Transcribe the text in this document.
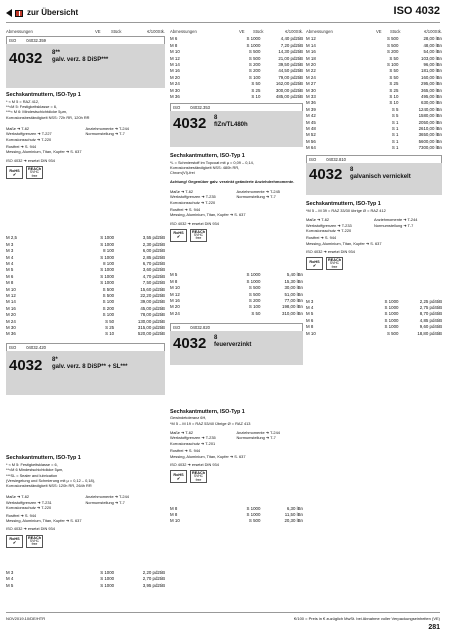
zur Übersicht	ISO 4032
Abmessungen	VE	Stück	€/100Stk.
ISO 04032.359
4032 8**
galv. verz. 8 DiSP***
Sechskantmuttern, ISO-Typ 1
* ≈ M 5 = RAZ 412,
**≈M 5: Festigkeitsklasse = 6,
***≈ M 6: Mindestschichtdicke 5µm,
Korrosionsbeständigkeit NSS: 72h RR, 120h RR
Maße ➜ T-62	Anziehmomente ➜ T-244
Werkstoffgrenzen ➜ T-227	Normumstellung ➜ T-7
Korrosionsschutz ➜ T-220
Rostfrei ➜ S. 944
Messing, Aluminium, Titan, Kupfer ➜ S. 637
ISO 4032 ➜ ersetzt DIN 934
RoHS
✔
REACh
SVHC
free
M 2,5		S 1000	3,55 pd2tiB
M 3		S 1000	2,30 pd2tiB
M 3		8 100	6,00 pd2tiB
M 4		S 1000	2,85 pd2tiB
M 4		8 100	6,70 pd2tiB
M 5		S 1000	3,60 pd2tiB
M 6		S 1000	4,70 pd2tiB
M 8		S 1000	7,50 pd2tiB
M 10		S 500	15,60 pd2tiB
M 12		S 500	22,20 pd2tiB
M 14		S 100	39,00 pd2tiB
M 16		S 200	45,00 pd2tiB
M 20		S 100	78,00 pd2tiB
M 24		S 50	130,00 pd2tiB
M 30		S 25	315,00 pd2tiB
M 36		S 10	520,00 pd2tiB
ISO 04032.420
4032 8*
galv. verz. 8 DiSP** + SL***
Sechskantmuttern, ISO-Typ 1
* ≈ M 5: Festigkeitsklasse = 6,
**≈M 6 Mindestschichtdicke 5µm,
***SL = Sealer and lubrication
(Versiegelung und Schmierung mit µ = 0,12 – 0,18),
Korrosionsbeständigkeit NSS: 120h RR, 264h RR
Maße ➜ T-62	Anziehmomente ➜ T-244
Werkstoffgrenzen ➜ T-231	Normumstellung ➜ T-7
Korrosionsschutz ➜ T-220
Rostfrei ➜ S. 944
Messing, Aluminium, Titan, Kupfer ➜ S. 637
ISO 4032 ➜ ersetzt DIN 934
RoHS
✔
REACh
SVHC
free
M 3		S 1000	2,20 pd2tiB
M 4		S 1000	2,70 pd2tiB
M 5		S 1000	3,95 pd2tiB
Abmessungen	VE	Stück	€/100Stk.
M 6		S 1000	4,40 pd2tiB
M 8		S 1000	7,20 pd2tiB
M 10		S 500	14,30 pd2tiB
M 12		S 500	21,00 pd2tiB
M 14		S 200	39,50 pd2tiB
M 16		S 200	44,50 pd2tiB
M 20		S 100	79,00 pd2tiB
M 24		S 50	162,00 pd2tiB
M 30		S 25	300,00 pd2tiB
M 36		S 10	485,00 pd2tiB
ISO 04032.353
4032 8
flZn/TL480h
Sechskantmuttern, ISO-Typ 1
*L = Schmierstoff im Topcoat mit µ = 0,09 – 0,14,
Korrosionsbeständigkeit NSS: 480h RR,
Chrom(VI)-frei
Achtung! Gegenüber galv. verzinkt geänderte Anziehdrehmomente.
Maße ➜ T-62	Anziehmomente ➜ T-245
Werkstoffgrenzen ➜ T-235	Normumstellung ➜ T-7
Korrosionsschutz ➜ T-220
Rostfrei ➜ S. 944
Messing, Aluminium, Titan, Kupfer ➜ S. 637
ISO 4032 ➜ ersetzt DIN 934
RoHS
✔
REACh
SVHC
free
M 5		S 1000	5,40 lBn
M 8		S 1000	15,30 lBn
M 10		S 500	30,00 lBn
M 12		S 500	51,00 lBn
M 16		S 200	77,00 lBn
M 20		S 100	198,00 lBn
M 24		S 50	310,00 lBn
ISO 04032.820
4032 8
feuerverzinkt
Sechskantmuttern, ISO-Typ 1
Gewindetoleranz 6H,
*M 5 – M 19 = RAZ 53/40 Übrige Ø = RAZ 413
Maße ➜ T-62	Anziehmomente ➜ T-244
Werkstoffgrenzen ➜ T-235	Normumstellung ➜ T-7
Korrosionsschutz ➜ T-201
Rostfrei ➜ S. 944
Messing, Aluminium, Titan, Kupfer ➜ S. 637
ISO 4032 ➜ ersetzt DIN 934
RoHS
✔
REACh
SVHC
free
M 8		S 1000	6,30 lBn
M 8		S 1000	11,50 lBn
M 10		S 500	20,30 lBn
Abmessungen	VE	Stück	€/100Stk.
M 12		S 500	28,00 lBn
M 14		S 500	48,00 lBn
M 16		S 200	54,00 lBn
M 18		S 50	103,00 lBn
M 20		S 100	96,00 lBn
M 22		S 50	181,00 lBn
M 24		S 50	160,00 lBn
M 27		S 25	295,00 lBn
M 30		S 25	365,00 lBn
M 33		S 10	495,00 lBn
M 36		S 10	630,00 lBn
M 39		S 5	1240,00 lBn
M 42		S 5	1580,00 lBn
M 45		S 1	2050,00 lBn
M 48		S 1	2610,00 lBn
M 52		S 1	3650,00 lBn
M 56		S 1	5600,00 lBn
M 64		S 1	7300,00 lBn
ISO 04032.810
4032 8
galvanisch vernickelt
Sechskantmuttern, ISO-Typ 1
*M 5 – M 39 = RAZ 33/30 übrige Ø = RAZ 412
Maße ➜ T-62	Anziehmomente ➜ T-244
Werkstoffgrenzen ➜ T-233	Normumstellung ➜ T-7
Korrosionsschutz ➜ T-220
Rostfrei ➜ S. 944
Messing, Aluminium, Titan, Kupfer ➜ S. 637
ISO 4032 ➜ ersetzt DIN 934
RoHS
✔
REACh
SVHC
free
M 3		S 1000	2,25 pd4tiB
M 4		S 1000	2,75 pd4tiB
M 5		S 1000	8,70 pd4tiB
M 6		S 1000	4,85 pd4tiB
M 8		S 1000	9,60 pd4tiB
M 10		S 500	18,80 pd4tiB
NOV2019.10/DE/HTR	€/100 = Preis in € zuzüglich MwSt. bei Abnahme voller Verpackungseinheiten (VE)
281
